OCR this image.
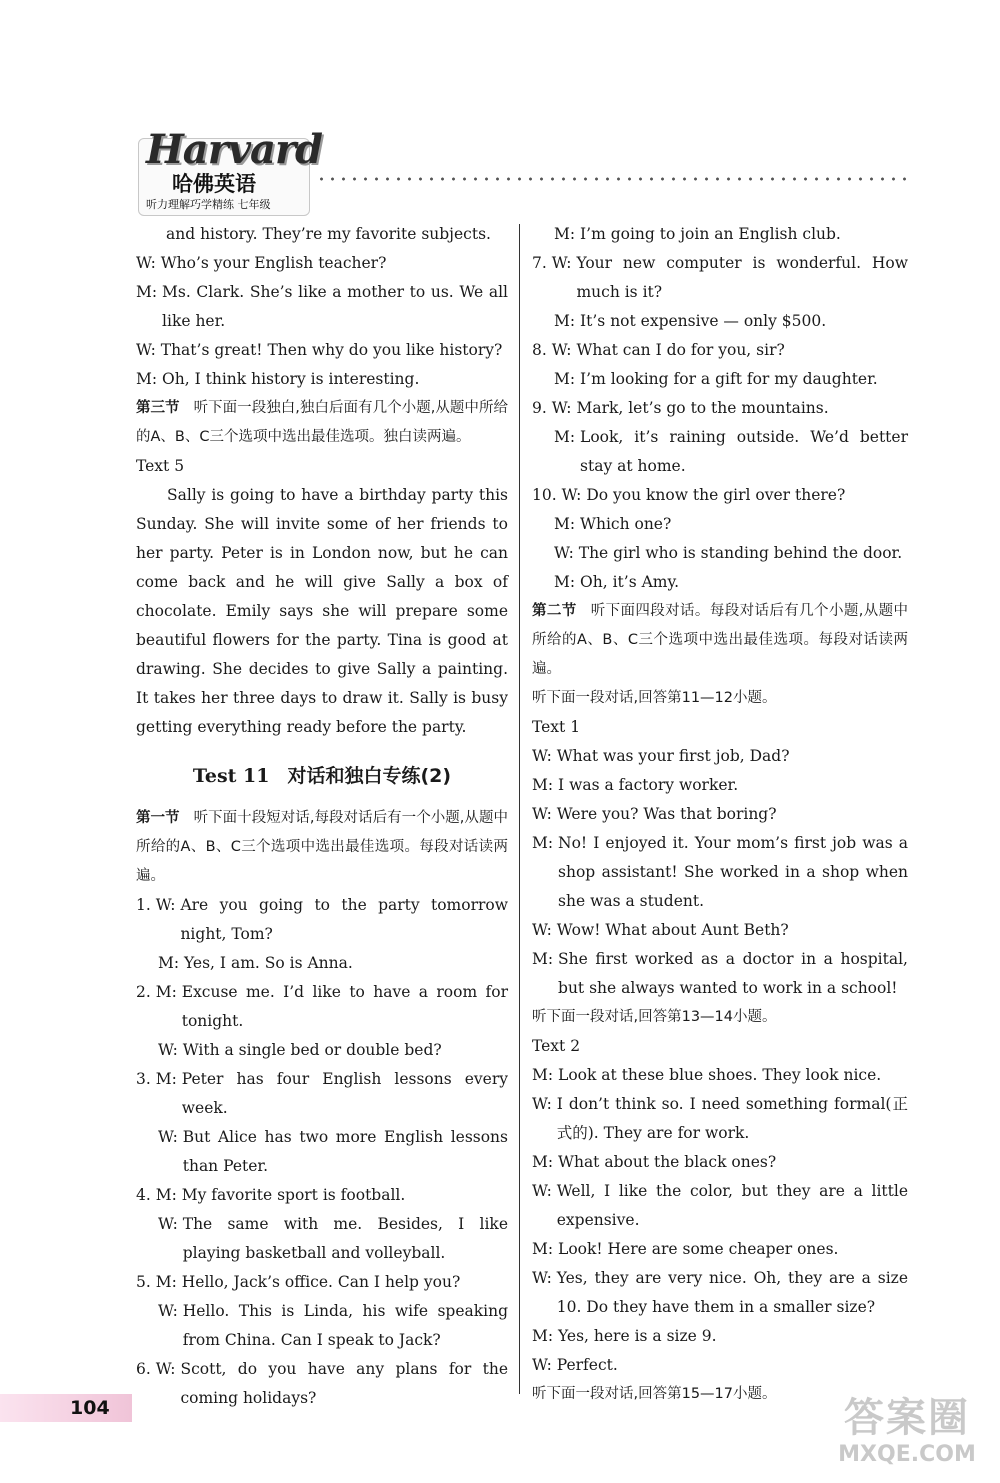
Harvard
哈佛英语
听力理解巧学精练 七年级

and history. They’re my favorite subjects.

W: Who’s your English teacher?
M: Ms. Clark. She’s like a mother to us. We all like her.
W: That’s great! Then why do you like history?
M: Oh, I think history is interesting.

第三节 听下面一段独白,独白后面有几个小题,从题中所给的A、B、C三个选项中选出最佳选项。独白读两遍。

Text 5

Sally is going to have a birthday party this Sunday. She will invite some of her friends to her party. Peter is in London now, but he can come back and he will give Sally a box of chocolate. Emily says she will prepare some beautiful flowers for the party. Tina is good at drawing. She decides to give Sally a painting. It takes her three days to draw it. Sally is busy getting everything ready before the party.

Test 11 对话和独白专练(2)

第一节 听下面十段短对话,每段对话后有一个小题,从题中所给的A、B、C三个选项中选出最佳选项。每段对话读两遍。

1. W: Are you going to the party tomorrow night, Tom?
M: Yes, I am. So is Anna.
2. M: Excuse me. I’d like to have a room for tonight.
W: With a single bed or double bed?
3. M: Peter has four English lessons every week.
W: But Alice has two more English lessons than Peter.
4. M: My favorite sport is football.
W: The same with me. Besides, I like playing basketball and volleyball.
5. M: Hello, Jack’s office. Can I help you?
W: Hello. This is Linda, his wife speaking from China. Can I speak to Jack?
6. W: Scott, do you have any plans for the coming holidays?
M: I’m going to join an English club.
7. W: Your new computer is wonderful. How much is it?
M: It’s not expensive — only $500.
8. W: What can I do for you, sir?
M: I’m looking for a gift for my daughter.
9. W: Mark, let’s go to the mountains.
M: Look, it’s raining outside. We’d better stay at home.
10. W: Do you know the girl over there?
M: Which one?
W: The girl who is standing behind the door.
M: Oh, it’s Amy.

第二节 听下面四段对话。每段对话后有几个小题,从题中所给的A、B、C三个选项中选出最佳选项。每段对话读两遍。

听下面一段对话,回答第11—12小题。

Text 1

W: What was your first job, Dad?
M: I was a factory worker.
W: Were you? Was that boring?
M: No! I enjoyed it. Your mom’s first job was a shop assistant! She worked in a shop when she was a student.
W: Wow! What about Aunt Beth?
M: She first worked as a doctor in a hospital, but she always wanted to work in a school!

听下面一段对话,回答第13—14小题。

Text 2

M: Look at these blue shoes. They look nice.
W: I don’t think so. I need something formal(正式的). They are for work.
M: What about the black ones?
W: Well, I like the color, but they are a little expensive.
M: Look! Here are some cheaper ones.
W: Yes, they are very nice. Oh, they are a size 10. Do they have them in a smaller size?
M: Yes, here is a size 9.
W: Perfect.

听下面一段对话,回答第15—17小题。

104	答案圈
MXQE.COM
